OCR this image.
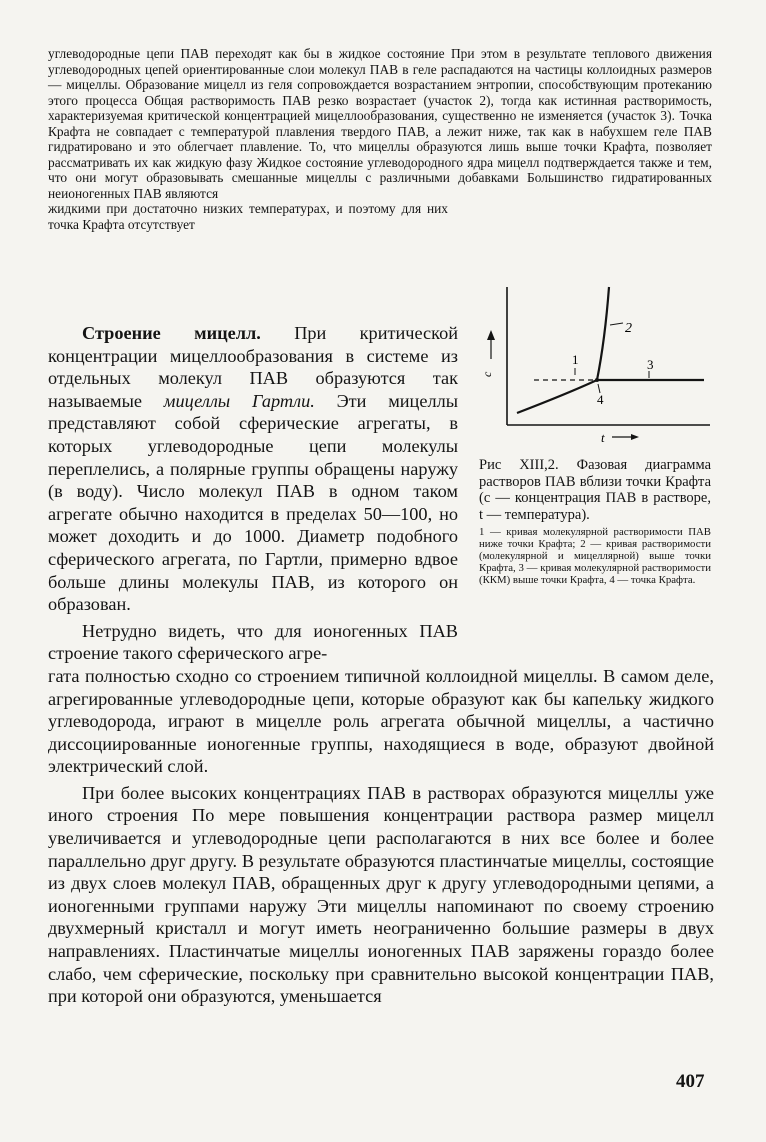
углеводородные цепи ПАВ переходят как бы в жидкое состояние При этом в результате теплового движения углеводородных цепей ориентированные слои молекул ПАВ в геле распадаются на частицы коллоидных размеров — мицеллы. Образование мицелл из геля сопровождается возрастанием энтропии, способствующим протеканию этого процесса Общая растворимость ПАВ резко возрастает (участок 2), тогда как истинная растворимость, характеризуемая критической концентрацией мицеллообразования, существенно не изменяется (участок 3). Точка Крафта не совпадает с температурой плавления твердого ПАВ, а лежит ниже, так как в набухшем геле ПАВ гидратировано и это облегчает плавление. То, что мицеллы образуются лишь выше точки Крафта, позволяет рассматривать их как жидкую фазу Жидкое состояние углеводородного ядра мицелл подтверждается также и тем, что они могут образовывать смешанные мицеллы с различными добавками Большинство гидратированных неионогенных ПАВ являются

жидкими при достаточно низких температурах, и поэтому для них точка Крафта отсутствует

c
1
2
3
4
t
Рис XIII,2. Фазовая диаграмма растворов ПАВ вблизи точки Крафта (с — концентрация ПАВ в растворе, t — температура).
1 — кривая молекулярной растворимости ПАВ ниже точки Крафта; 2 — кривая растворимости (молекулярной и мицеллярной) выше точки Крафта, 3 — кривая молекулярной растворимости (ККМ) выше точки Крафта, 4 — точка Крафта.

Строение мицелл. При критической концентрации мицеллообразования в системе из отдельных молекул ПАВ образуются так называемые мицеллы Гартли. Эти мицеллы представляют собой сферические агрегаты, в которых углеводородные цепи молекулы переплелись, а полярные группы обращены наружу (в воду). Число молекул ПАВ в одном таком агрегате обычно находится в пределах 50—100, но может доходить и до 1000. Диаметр подобного сферического агрегата, по Гартли, примерно вдвое больше длины молекулы ПАВ, из которого он образован.

Нетрудно видеть, что для ионогенных ПАВ строение такого сферического агре-

гата полностью сходно со строением типичной коллоидной мицеллы. В самом деле, агрегированные углеводородные цепи, которые образуют как бы капельку жидкого углеводорода, играют в мицелле роль агрегата обычной мицеллы, а частично диссоциированные ионогенные группы, находящиеся в воде, образуют двойной электрический слой.

При более высоких концентрациях ПАВ в растворах образуются мицеллы уже иного строения По мере повышения концентрации раствора размер мицелл увеличивается и углеводородные цепи располагаются в них все более и более параллельно друг другу. В результате образуются пластинчатые мицеллы, состоящие из двух слоев молекул ПАВ, обращенных друг к другу углеводородными цепями, а ионогенными группами наружу Эти мицеллы напоминают по своему строению двухмерный кристалл и могут иметь неограниченно большие размеры в двух направлениях. Пластинчатые мицеллы ионогенных ПАВ заряжены гораздо более слабо, чем сферические, поскольку при сравнительно высокой концентрации ПАВ, при которой они образуются, уменьшается

407
